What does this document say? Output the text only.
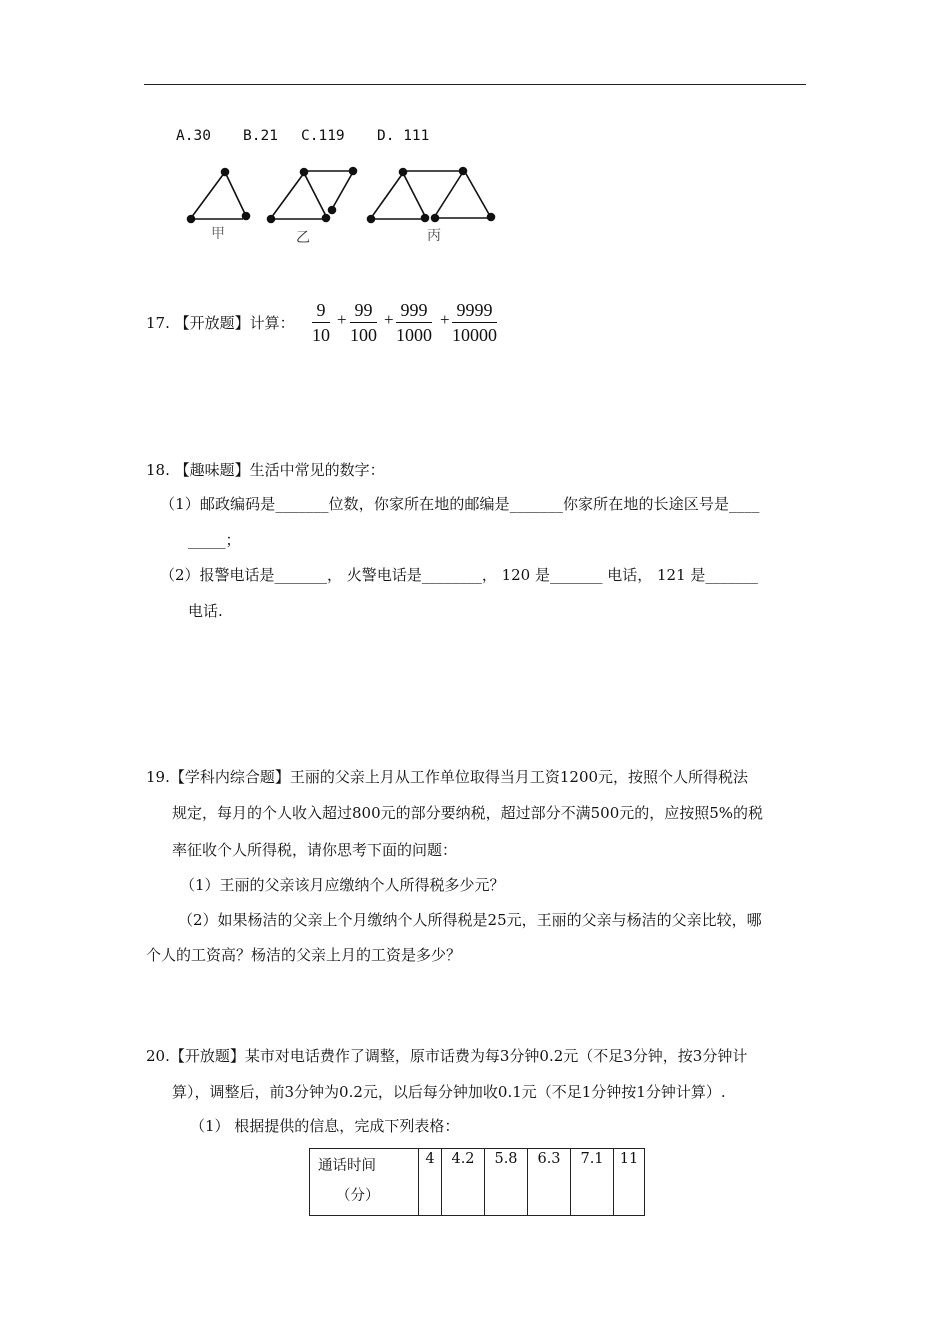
A.30 B.21 C.119 D. 111
甲	乙	丙
17. 【开放题】计算： $\frac{9}{10} + \frac{99}{100} + \frac{999}{1000} + \frac{9999}{10000}$
18. 【趣味题】生活中常见的数字：
（1）邮政编码是_______位数，你家所在地的邮编是_______你家所在地的长途区号是____
_____；
（2）报警电话是_______， 火警电话是________， 120 是_______ 电话， 121 是_______
电话.
19.【学科内综合题】王丽的父亲上月从工作单位取得当月工资1200元，按照个人所得税法
规定，每月的个人收入超过800元的部分要纳税，超过部分不满500元的，应按照5%的税
率征收个人所得税，请你思考下面的问题：
（1）王丽的父亲该月应缴纳个人所得税多少元？
（2）如果杨洁的父亲上个月缴纳个人所得税是25元，王丽的父亲与杨洁的父亲比较，哪
个人的工资高？杨洁的父亲上月的工资是多少？
20.【开放题】某市对电话费作了调整，原市话费为每3分钟0.2元（不足3分钟，按3分钟计
算），调整后，前3分钟为0.2元，以后每分钟加收0.1元（不足1分钟按1分钟计算）.
（1） 根据提供的信息，完成下列表格：
通话时间
（分）
	4	4.2	5.8	6.3	7.1	11
